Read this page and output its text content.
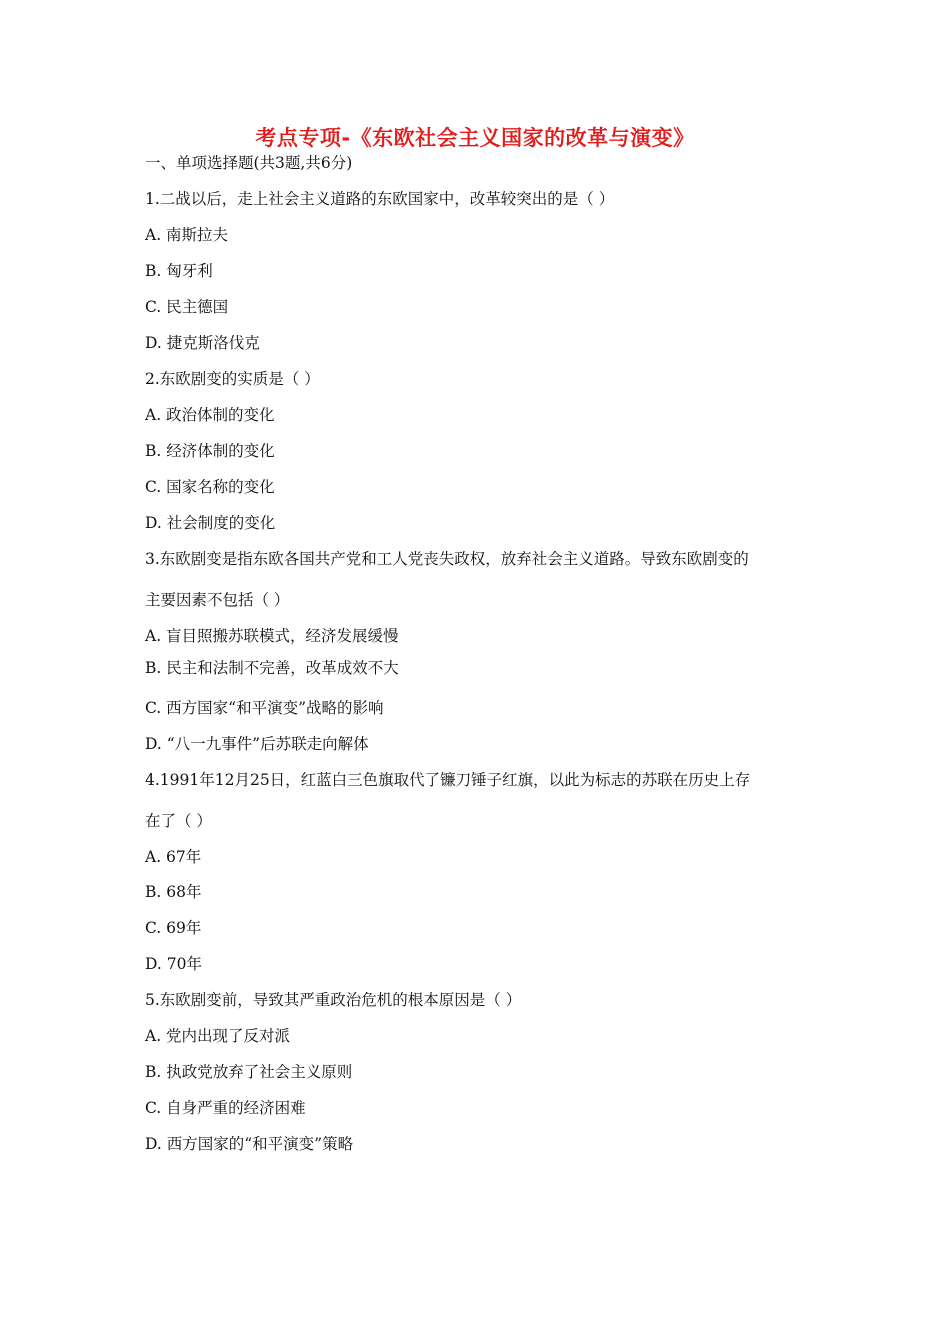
考点专项-《东欧社会主义国家的改革与演变》
一、单项选择题(共3题,共6分)
1.二战以后，走上社会主义道路的东欧国家中，改革较突出的是（ ）
A. 南斯拉夫
B. 匈牙利
C. 民主德国
D. 捷克斯洛伐克
2.东欧剧变的实质是（ ）
A. 政治体制的变化
B. 经济体制的变化
C. 国家名称的变化
D. 社会制度的变化
3.东欧剧变是指东欧各国共产党和工人党丧失政权，放弃社会主义道路。导致东欧剧变的
主要因素不包括（ ）
A. 盲目照搬苏联模式，经济发展缓慢
B. 民主和法制不完善，改革成效不大
C. 西方国家“和平演变”战略的影响
D. “八一九事件”后苏联走向解体
4.1991年12月25日，红蓝白三色旗取代了镰刀锤子红旗，以此为标志的苏联在历史上存
在了（ ）
A. 67年
B. 68年
C. 69年
D. 70年
5.东欧剧变前，导致其严重政治危机的根本原因是（ ）
A. 党内出现了反对派
B. 执政党放弃了社会主义原则
C. 自身严重的经济困难
D. 西方国家的“和平演变”策略
